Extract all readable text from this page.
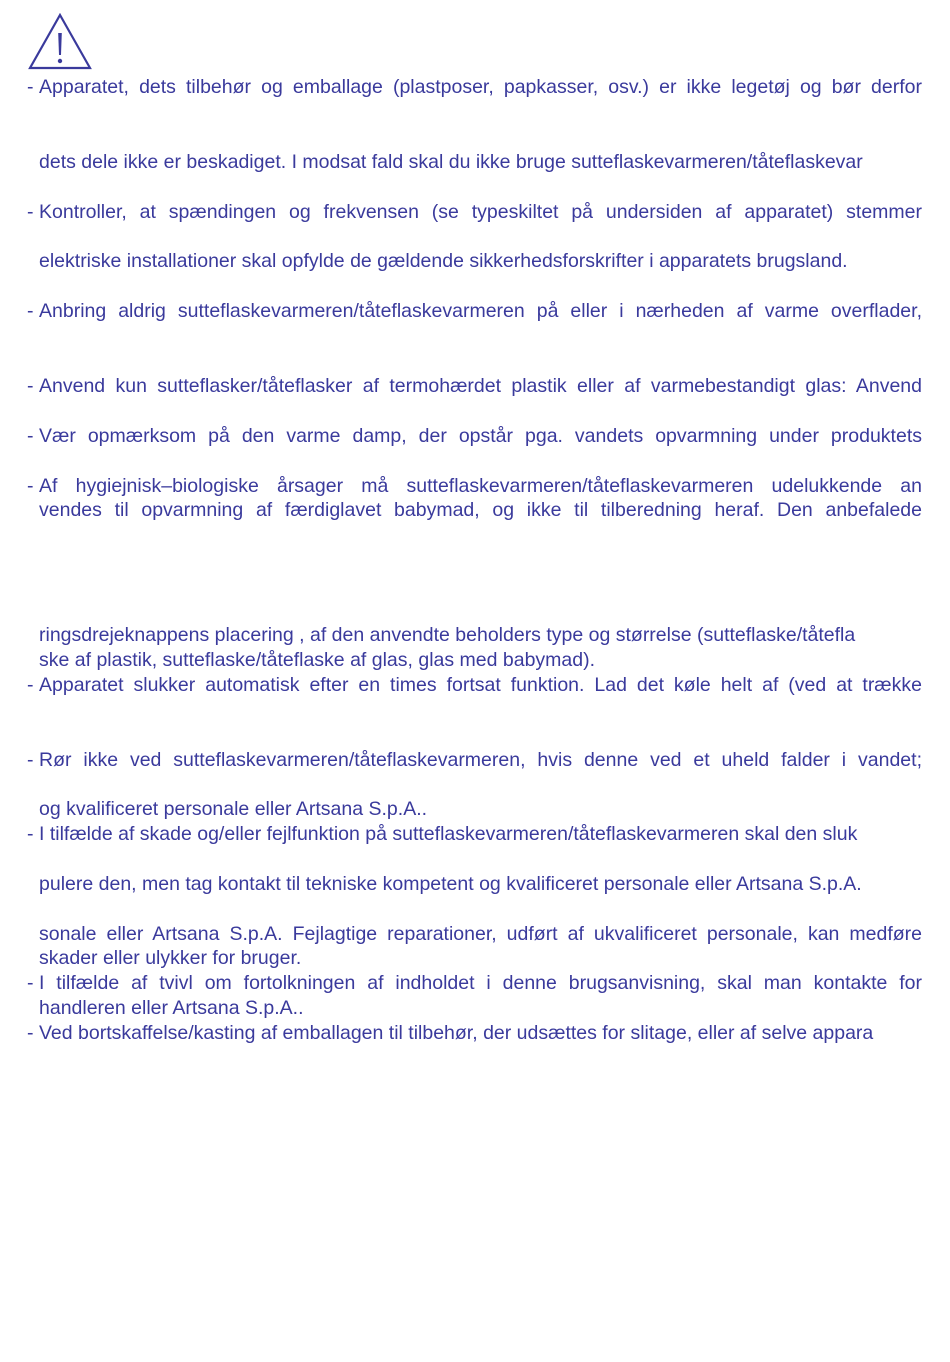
- Apparatet, dets tilbehør og emballage (plastposer, papkasser, osv.) er ikke legetøj og bør derfor
dets dele ikke er beskadiget. I modsat fald skal du ikke bruge sutteflaskevarmeren/tåteflaskevar
- Kontroller, at spændingen og frekvensen (se typeskiltet på undersiden af apparatet) stemmer
elektriske installationer skal opfylde de gældende sikkerhedsforskrifter i apparatets brugsland.
- Anbring aldrig sutteflaskevarmeren/tåteflaskevarmeren på eller i nærheden af varme overflader,
- Anvend kun sutteflasker/tåteflasker af termohærdet plastik eller af varmebestandigt glas: Anvend
- Vær opmærksom på den varme damp, der opstår pga. vandets opvarmning under produktets
- Af hygiejnisk–biologiske årsager må sutteflaskevarmeren/tåteflaskevarmeren udelukkende an
vendes til opvarmning af færdiglavet babymad, og ikke til tilberedning heraf. Den anbefalede
ringsdrejeknappens placering , af den anvendte beholders type og størrelse (sutteflaske/tåtefla
ske af plastik, sutteflaske/tåteflaske af glas, glas med babymad).
- Apparatet slukker automatisk efter en times fortsat funktion. Lad det køle helt af (ved at trække
- Rør ikke ved sutteflaskevarmeren/tåteflaskevarmeren, hvis denne ved et uheld falder i vandet;
og kvalificeret personale eller Artsana S.p.A..
- I tilfælde af skade og/eller fejlfunktion på sutteflaskevarmeren/tåteflaskevarmeren skal den sluk
pulere den, men tag kontakt til tekniske kompetent og kvalificeret personale eller Artsana S.p.A.
sonale eller Artsana S.p.A. Fejlagtige reparationer, udført af ukvalificeret personale, kan medføre
skader eller ulykker for bruger.
- I tilfælde af tvivl om fortolkningen af indholdet i denne brugsanvisning, skal man kontakte for
handleren eller Artsana S.p.A..
- Ved bortskaffelse/kasting af emballagen til tilbehør, der udsættes for slitage, eller af selve appara
